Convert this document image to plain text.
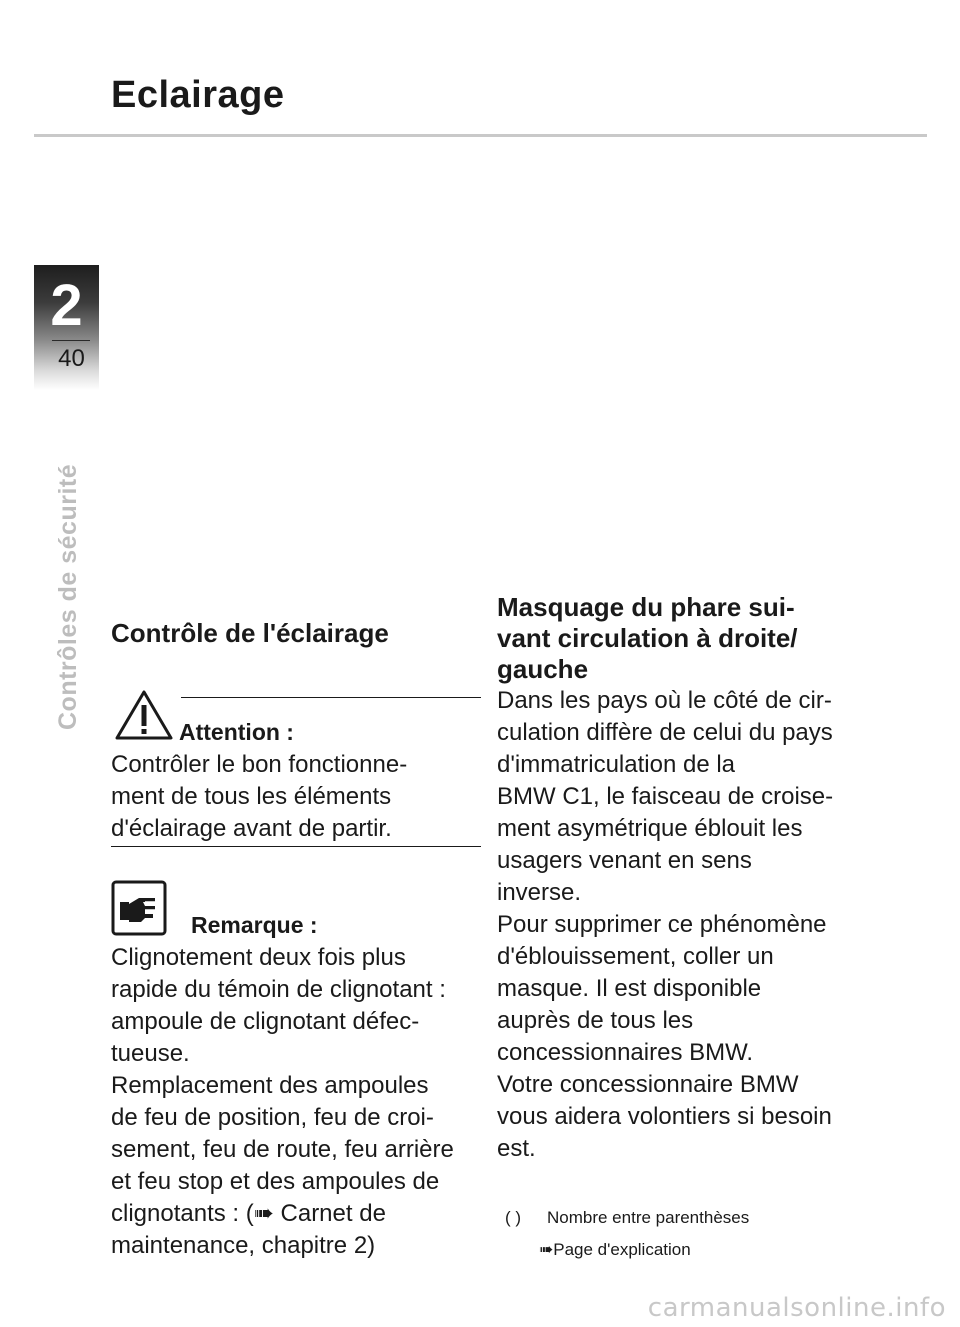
Eclairage
2
40
Contrôles de sécurité Contrôle de l'éclairage

Attention :

Contrôler le bon fonctionne-

ment de tous les éléments

d'éclairage avant de partir.

Remarque :

Clignotement deux fois plus

rapide du témoin de clignotant :

ampoule de clignotant défec-

tueuse.

Remplacement des ampoules

de feu de position, feu de croi-

sement, feu de route, feu arrière

et feu stop et des ampoules de

clignotants : (➠ Carnet de

maintenance, chapitre 2)

Masquage du phare sui-

vant circulation à droite/

gauche

Dans les pays où le côté de cir-

culation diffère de celui du pays

d'immatriculation de la

BMW C1, le faisceau de croise-

ment asymétrique éblouit les

usagers venant en sens

inverse.

Pour supprimer ce phénomène

d'éblouissement, coller un

masque. Il est disponible

auprès de tous les

concessionnaires BMW.

Votre concessionnaire BMW

vous aidera volontiers si besoin

est.

( ) Nombre entre parenthèses
➠Page d'explication
carmanualsonline.info
